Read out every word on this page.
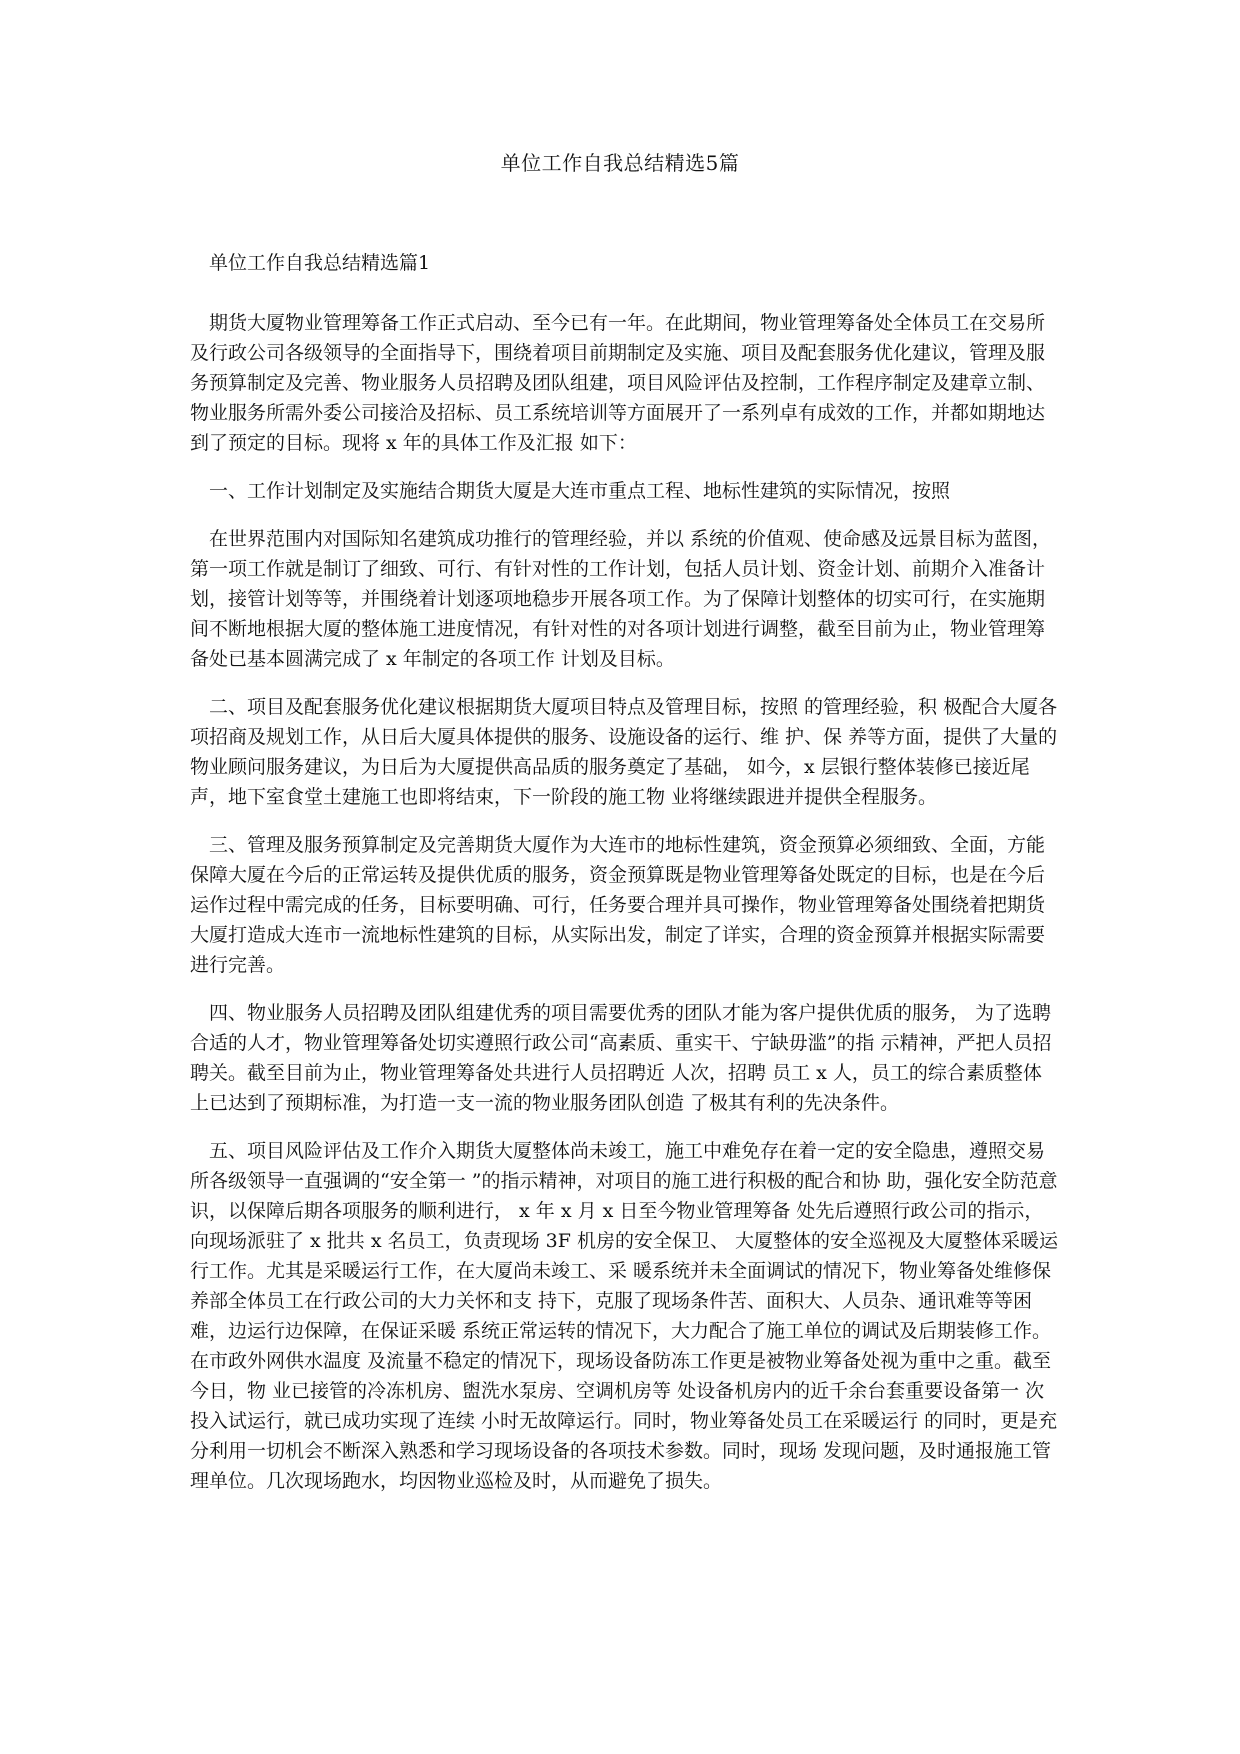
单位工作自我总结精选5篇
单位工作自我总结精选篇1

期货大厦物业管理筹备工作正式启动、至今已有一年。在此期间，物业管理筹备处全体员工在交易所及行政公司各级领导的全面指导下，围绕着项目前期制定及实施、项目及配套服务优化建议，管理及服务预算制定及完善、物业服务人员招聘及团队组建，项目风险评估及控制，工作程序制定及建章立制、物业服务所需外委公司接洽及招标、员工系统培训等方面展开了一系列卓有成效的工作，并都如期地达到了预定的目标。现将 x 年的具体工作及汇报 如下：

一、工作计划制定及实施结合期货大厦是大连市重点工程、地标性建筑的实际情况，按照

在世界范围内对国际知名建筑成功推行的管理经验，并以 系统的价值观、使命感及远景目标为蓝图，第一项工作就是制订了细致、可行、有针对性的工作计划，包括人员计划、资金计划、前期介入准备计划，接管计划等等，并围绕着计划逐项地稳步开展各项工作。为了保障计划整体的切实可行，在实施期间不断地根据大厦的整体施工进度情况，有针对性的对各项计划进行调整，截至目前为止，物业管理筹备处已基本圆满完成了 x 年制定的各项工作 计划及目标。

二、项目及配套服务优化建议根据期货大厦项目特点及管理目标，按照 的管理经验，积 极配合大厦各项招商及规划工作，从日后大厦具体提供的服务、设施设备的运行、维 护、保 养等方面，提供了大量的物业顾问服务建议，为日后为大厦提供高品质的服务奠定了基础， 如今，x 层银行整体装修已接近尾声，地下室食堂土建施工也即将结束，下一阶段的施工物 业将继续跟进并提供全程服务。

三、管理及服务预算制定及完善期货大厦作为大连市的地标性建筑，资金预算必须细致、全面，方能保障大厦在今后的正常运转及提供优质的服务，资金预算既是物业管理筹备处既定的目标，也是在今后运作过程中需完成的任务，目标要明确、可行，任务要合理并具可操作，物业管理筹备处围绕着把期货大厦打造成大连市一流地标性建筑的目标，从实际出发，制定了详实，合理的资金预算并根据实际需要进行完善。

四、物业服务人员招聘及团队组建优秀的项目需要优秀的团队才能为客户提供优质的服务， 为了选聘合适的人才，物业管理筹备处切实遵照行政公司“高素质、重实干、宁缺毋滥”的指 示精神，严把人员招聘关。截至目前为止，物业管理筹备处共进行人员招聘近 人次，招聘 员工 x 人，员工的综合素质整体上已达到了预期标准，为打造一支一流的物业服务团队创造 了极其有利的先决条件。

五、项目风险评估及工作介入期货大厦整体尚未竣工，施工中难免存在着一定的安全隐患，遵照交易所各级领导一直强调的“安全第一 ”的指示精神，对项目的施工进行积极的配合和协 助，强化安全防范意识，以保障后期各项服务的顺利进行， x 年 x 月 x 日至今物业管理筹备 处先后遵照行政公司的指示，向现场派驻了 x 批共 x 名员工，负责现场 3F 机房的安全保卫、 大厦整体的安全巡视及大厦整体采暖运行工作。尤其是采暖运行工作，在大厦尚未竣工、采 暖系统并未全面调试的情况下，物业筹备处维修保养部全体员工在行政公司的大力关怀和支 持下，克服了现场条件苦、面积大、人员杂、通讯难等等困难，边运行边保障，在保证采暖 系统正常运转的情况下，大力配合了施工单位的调试及后期装修工作。在市政外网供水温度 及流量不稳定的情况下，现场设备防冻工作更是被物业筹备处视为重中之重。截至今日，物 业已接管的冷冻机房、盥洗水泵房、空调机房等 处设备机房内的近千余台套重要设备第一 次投入试运行，就已成功实现了连续 小时无故障运行。同时，物业筹备处员工在采暖运行 的同时，更是充分利用一切机会不断深入熟悉和学习现场设备的各项技术参数。同时，现场 发现问题，及时通报施工管理单位。几次现场跑水，均因物业巡检及时，从而避免了损失。
